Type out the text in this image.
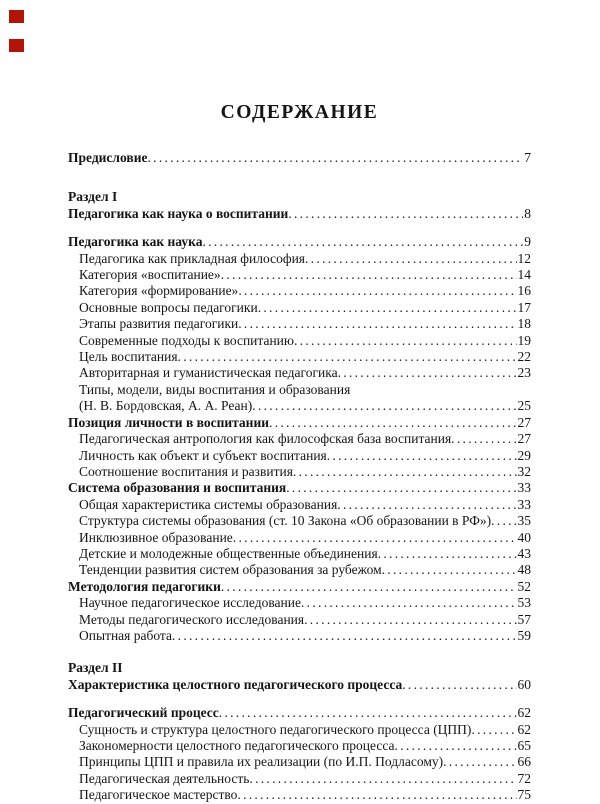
СОДЕРЖАНИЕ
Предисловие .....	7
Раздел I
Педагогика как наука о воспитании .....	8
Педагогика как наука .....	9
Педагогика как прикладная философия .....	12
Категория «воспитание» .....	14
Категория «формирование» .....	16
Основные вопросы педагогики .....	17
Этапы развития педагогики .....	18
Современные подходы к воспитанию .....	19
Цель воспитания .....	22
Авторитарная и гуманистическая педагогика .....	23
Типы, модели, виды воспитания и образования
(Н. В. Бордовская, А. А. Реан) .....	25
Позиция личности в воспитании .....	27
Педагогическая антропология как философская база воспитания .....	27
Личность как объект и субъект воспитания .....	29
Соотношение воспитания и развития .....	32
Система образования и воспитания .....	33
Общая характеристика системы образования .....	33
Структура системы образования (ст. 10 Закона «Об образовании в РФ») ..... 35
Инклюзивное образование .....	40
Детские и молодежные общественные объединения .....	43
Тенденции развития систем образования за рубежом .....	48
Методология педагогики .....	52
Научное педагогическое исследование .....	53
Методы педагогического исследования .....	57
Опытная работа .....	59
Раздел II
Характеристика целостного педагогического процесса .....	60
Педагогический процесс .....	62
Сущность и структура целостного педагогического процесса (ЦПП) .....	62
Закономерности целостного педагогического процесса .....	65
Принципы ЦПП и правила их реализации (по И.П. Подласому) .....	66
Педагогическая деятельность .....	72
Педагогическое мастерство .....	75
